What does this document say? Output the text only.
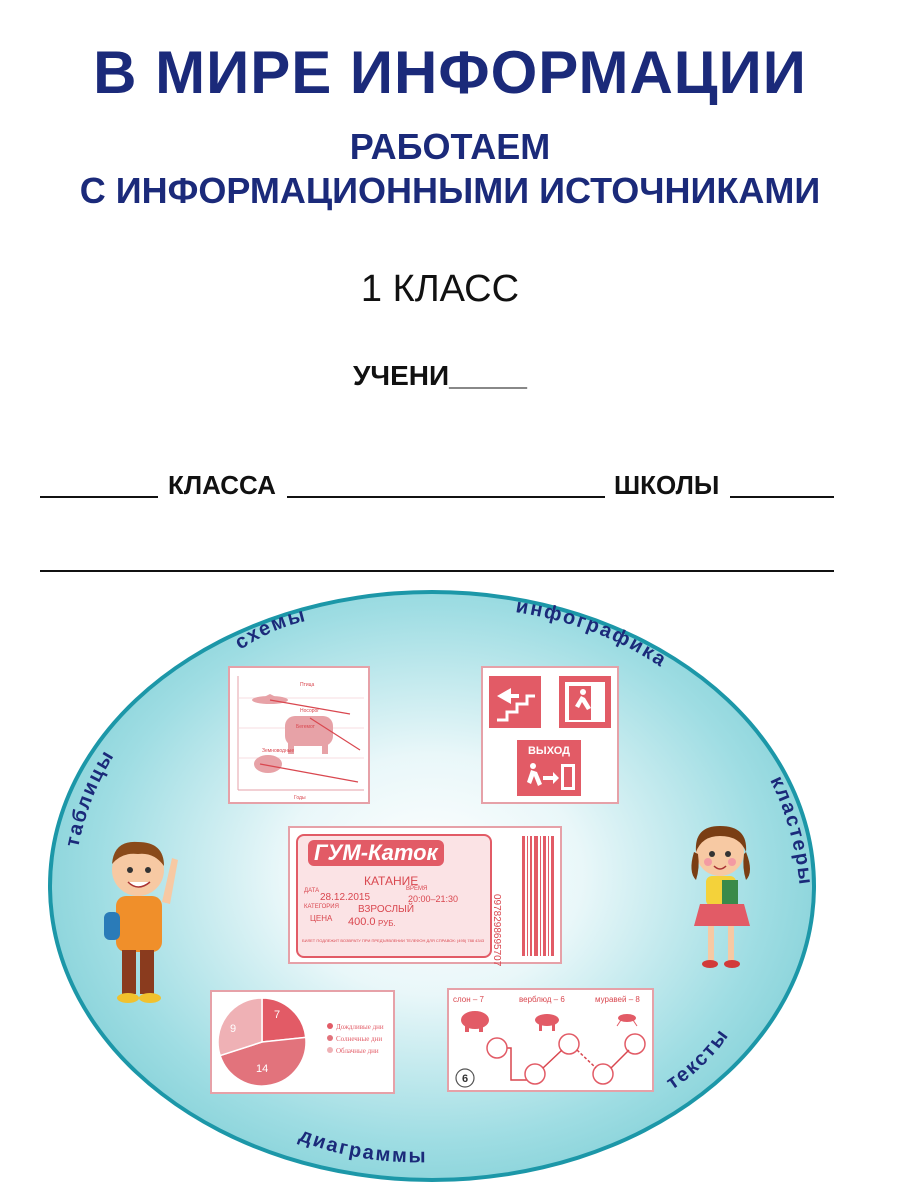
В МИРЕ ИНФОРМАЦИИ
РАБОТАЕМ
С ИНФОРМАЦИОННЫМИ ИСТОЧНИКАМИ
1 КЛАСС
УЧЕНИ_____
КЛАССА	ШКОЛЫ
схемы	инфографика
таблицы
кластеры
тексты
диаграммы
Птица
Носорог
Бегемот
Земноводные
Годы
ВЫХОД
ГУМ-Каток
КАТАНИЕ
ДАТА
28.12.2015
ВРЕМЯ
20:00–21:30
КАТЕГОРИЯ ВЗРОСЛЫЙ
ЦЕНА 400.0 РУБ.
БИЛЕТ ПОДЛЕЖИТ ВОЗВРАТУ ПРИ ПРЕДЪЯВЛЕНИИ ТЕЛЕФОН ДЛЯ СПРАВОК: (495) 788 4343 0978298695707
7
14
9	Дождливые дни
Солнечные дни
Облачные дни
слон – 7	верблюд – 6	муравей – 8
6
